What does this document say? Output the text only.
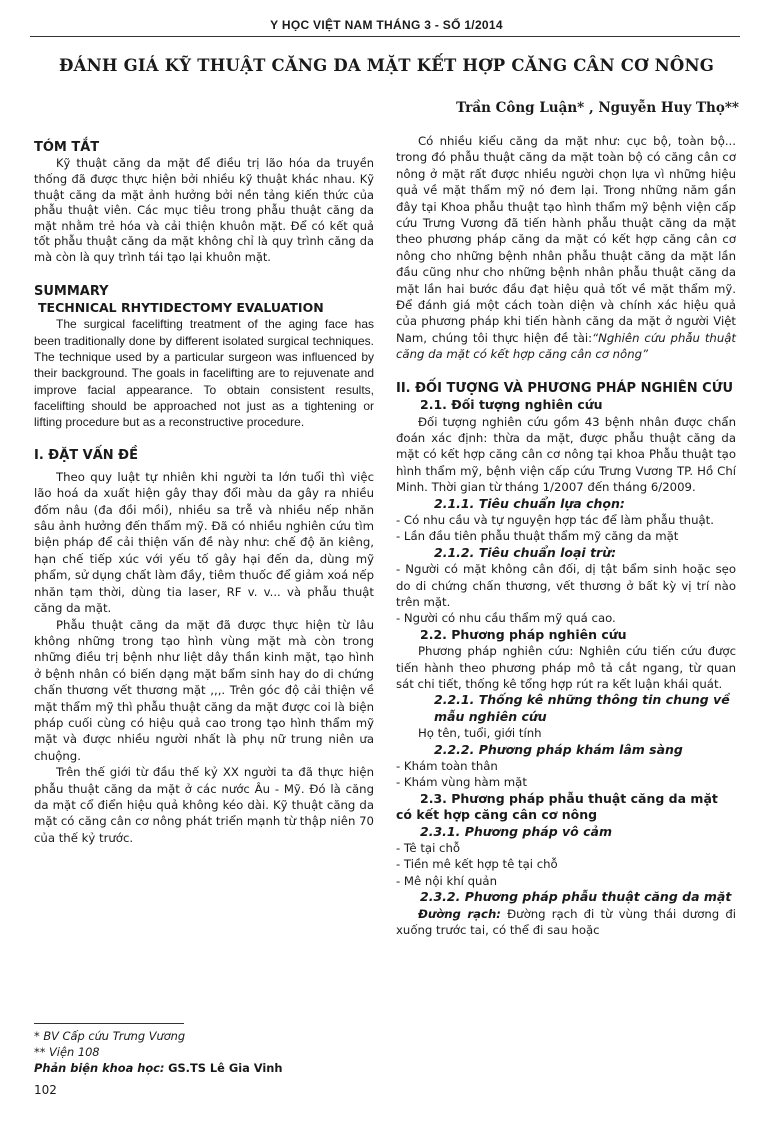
Y HỌC VIỆT NAM THÁNG 3 - SỐ 1/2014
ĐÁNH GIÁ KỸ THUẬT CĂNG DA MẶT KẾT HỢP CĂNG CÂN CƠ NÔNG
Trần Công Luận* , Nguyễn Huy Thọ**
TÓM TẮT

Kỹ thuật căng da mặt để điều trị lão hóa da truyền thống đã được thực hiện bởi nhiều kỹ thuật khác nhau. Kỹ thuật căng da mặt ảnh hưởng bởi nền tảng kiến thức của phẫu thuật viên. Các mục tiêu trong phẫu thuật căng da mặt nhằm trẻ hóa và cải thiện khuôn mặt. Để có kết quả tốt phẫu thuật căng da mặt không chỉ là quy trình căng da mà còn là quy trình tái tạo lại khuôn mặt.

SUMMARY
TECHNICAL RHYTIDECTOMY EVALUATION

The surgical facelifting treatment of the aging face has been traditionally done by different isolated surgical techniques. The technique used by a particular surgeon was influenced by their background. The goals in facelifting are to rejuvenate and improve facial appearance. To obtain consistent results, facelifting should be approached not just as a tightening or lifting procedure but as a reconstructive procedure.

I. ĐẶT VẤN ĐỀ

Theo quy luật tự nhiên khi người ta lớn tuổi thì việc lão hoá da xuất hiện gây thay đổi màu da gây ra nhiều đốm nâu (đa đồi mồi), nhiều sa trễ và nhiều nếp nhăn sâu ảnh hưởng đến thẩm mỹ. Đã có nhiều nghiên cứu tìm biện pháp để cải thiện vấn đề này như: chế độ ăn kiêng, hạn chế tiếp xúc với yếu tố gây hại đến da, dùng mỹ phẩm, sử dụng chất làm đầy, tiêm thuốc để giảm xoá nếp nhăn tạm thời, dùng tia laser, RF v. v... và phẫu thuật căng da mặt.

Phẫu thuật căng da mặt đã được thực hiện từ lâu không những trong tạo hình vùng mặt mà còn trong những điều trị bệnh như liệt dây thần kinh mặt, tạo hình ở bệnh nhân có biến dạng mặt bẩm sinh hay do di chứng chấn thương vết thương mặt ,,,. Trên góc độ cải thiện về mặt thẩm mỹ thì phẫu thuật căng da mặt được coi là biện pháp cuối cùng có hiệu quả cao trong tạo hình thẩm mỹ mặt và được nhiều người nhất là phụ nữ trung niên ưa chuộng.

Trên thế giới từ đầu thế kỷ XX người ta đã thực hiện phẫu thuật căng da mặt ở các nước Âu - Mỹ. Đó là căng da mặt cổ điển hiệu quả không kéo dài. Kỹ thuật căng da mặt có căng cân cơ nông phát triển mạnh từ thập niên 70 của thế kỷ trước.

Có nhiều kiểu căng da mặt như: cục bộ, toàn bộ... trong đó phẫu thuật căng da mặt toàn bộ có căng cân cơ nông ở mặt rất được nhiều người chọn lựa vì những hiệu quả về mặt thẩm mỹ nó đem lại. Trong những năm gần đây tại Khoa phẫu thuật tạo hình thẩm mỹ bệnh viện cấp cứu Trưng Vương đã tiến hành phẫu thuật căng da mặt theo phương pháp căng da mặt có kết hợp căng cân cơ nông cho những bệnh nhân phẫu thuật căng da mặt lần đầu cũng như cho những bệnh nhân phẫu thuật căng da mặt lần hai bước đầu đạt hiệu quả tốt về mặt thẩm mỹ. Để đánh giá một cách toàn diện và chính xác hiệu quả của phương pháp khi tiến hành căng da mặt ở người Việt Nam, chúng tôi thực hiện đề tài:“Nghiên cứu phẫu thuật căng da mặt có kết hợp căng cân cơ nông”

II. ĐỐI TƯỢNG VÀ PHƯƠNG PHÁP NGHIÊN CỨU
2.1. Đối tượng nghiên cứu

Đối tượng nghiên cứu gồm 43 bệnh nhân được chẩn đoán xác định: thừa da mặt, được phẫu thuật căng da mặt có kết hợp căng cân cơ nông tại khoa Phẫu thuật tạo hình thẩm mỹ, bệnh viện cấp cứu Trưng Vương TP. Hồ Chí Minh. Thời gian từ tháng 1/2007 đến tháng 6/2009.

2.1.1. Tiêu chuẩn lựa chọn:

- Có nhu cầu và tự nguyện hợp tác để làm phẫu thuật.

- Lần đầu tiên phẫu thuật thẩm mỹ căng da mặt

2.1.2. Tiêu chuẩn loại trừ:

- Người có mặt không cân đối, dị tật bẩm sinh hoặc sẹo do di chứng chấn thương, vết thương ở bất kỳ vị trí nào trên mặt.

- Người có nhu cầu thẩm mỹ quá cao.

2.2. Phương pháp nghiên cứu

Phương pháp nghiên cứu: Nghiên cứu tiến cứu được tiến hành theo phương pháp mô tả cắt ngang, từ quan sát chi tiết, thống kê tổng hợp rút ra kết luận khái quát.

2.2.1. Thống kê những thông tin chung về mẫu nghiên cứu

Họ tên, tuổi, giới tính

2.2.2. Phương pháp khám lâm sàng

- Khám toàn thân

- Khám vùng hàm mặt

2.3. Phương pháp phẫu thuật căng da mặt có kết hợp căng cân cơ nông
2.3.1. Phương pháp vô cảm

- Tê tại chỗ

- Tiền mê kết hợp tê tại chỗ

- Mê nội khí quản

2.3.2. Phương pháp phẫu thuật căng da mặt

Đường rạch: Đường rạch đi từ vùng thái dương đi xuống trước tai, có thể đi sau hoặc

* BV Cấp cứu Trưng Vương
** Viện 108
Phản biện khoa học: GS.TS Lê Gia Vinh
102
